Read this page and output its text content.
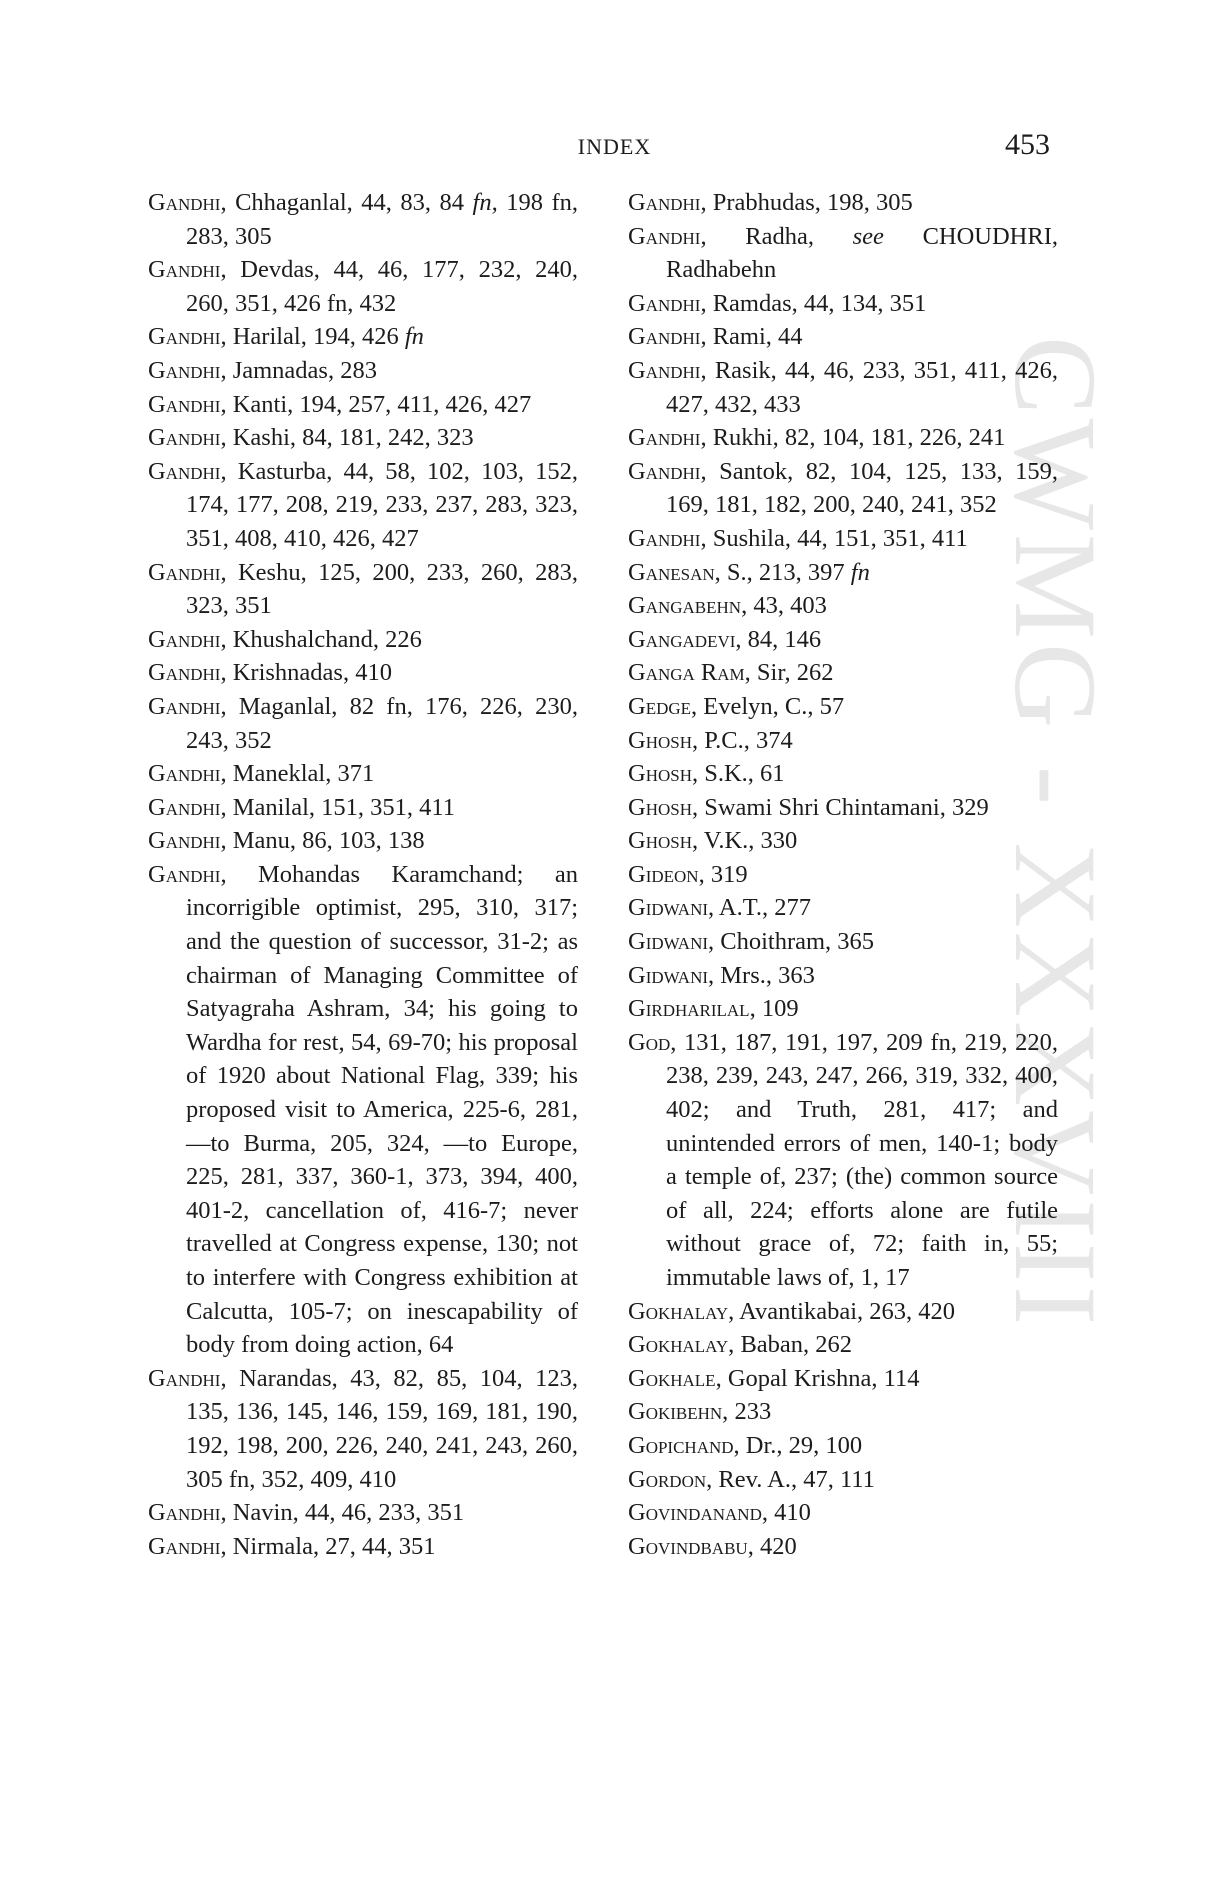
INDEX	453
CWMG - XXXVIII
Gandhi, Chhaganlal, 44, 83, 84 fn, 198 fn, 283, 305
Gandhi, Devdas, 44, 46, 177, 232, 240, 260, 351, 426 fn, 432
Gandhi, Harilal, 194, 426 fn
Gandhi, Jamnadas, 283
Gandhi, Kanti, 194, 257, 411, 426, 427
Gandhi, Kashi, 84, 181, 242, 323
Gandhi, Kasturba, 44, 58, 102, 103, 152, 174, 177, 208, 219, 233, 237, 283, 323, 351, 408, 410, 426, 427
Gandhi, Keshu, 125, 200, 233, 260, 283, 323, 351
Gandhi, Khushalchand, 226
Gandhi, Krishnadas, 410
Gandhi, Maganlal, 82 fn, 176, 226, 230, 243, 352
Gandhi, Maneklal, 371
Gandhi, Manilal, 151, 351, 411
Gandhi, Manu, 86, 103, 138
Gandhi, Mohandas Karamchand; an incorrigible optimist, 295, 310, 317; and the question of successor, 31-2; as chairman of Managing Committee of Satyagraha Ashram, 34; his going to Wardha for rest, 54, 69-70; his proposal of 1920 about National Flag, 339; his proposed visit to America, 225-6, 281, —to Burma, 205, 324, —to Europe, 225, 281, 337, 360-1, 373, 394, 400, 401-2, cancellation of, 416-7; never travelled at Congress expense, 130; not to interfere with Congress exhibition at Calcutta, 105-7; on inescapability of body from doing action, 64
Gandhi, Narandas, 43, 82, 85, 104, 123, 135, 136, 145, 146, 159, 169, 181, 190, 192, 198, 200, 226, 240, 241, 243, 260, 305 fn, 352, 409, 410
Gandhi, Navin, 44, 46, 233, 351
Gandhi, Nirmala, 27, 44, 351
Gandhi, Prabhudas, 198, 305
Gandhi, Radha, see CHOUDHRI, Radhabehn
Gandhi, Ramdas, 44, 134, 351
Gandhi, Rami, 44
Gandhi, Rasik, 44, 46, 233, 351, 411, 426, 427, 432, 433
Gandhi, Rukhi, 82, 104, 181, 226, 241
Gandhi, Santok, 82, 104, 125, 133, 159, 169, 181, 182, 200, 240, 241, 352
Gandhi, Sushila, 44, 151, 351, 411
Ganesan, S., 213, 397 fn
Gangabehn, 43, 403
Gangadevi, 84, 146
Ganga Ram, Sir, 262
Gedge, Evelyn, C., 57
Ghosh, P.C., 374
Ghosh, S.K., 61
Ghosh, Swami Shri Chintamani, 329
Ghosh, V.K., 330
Gideon, 319
Gidwani, A.T., 277
Gidwani, Choithram, 365
Gidwani, Mrs., 363
Girdharilal, 109
God, 131, 187, 191, 197, 209 fn, 219, 220, 238, 239, 243, 247, 266, 319, 332, 400, 402; and Truth, 281, 417; and unintended errors of men, 140-1; body a temple of, 237; (the) common source of all, 224; efforts alone are futile without grace of, 72; faith in, 55; immutable laws of, 1, 17
Gokhalay, Avantikabai, 263, 420
Gokhalay, Baban, 262
Gokhale, Gopal Krishna, 114
Gokibehn, 233
Gopichand, Dr., 29, 100
Gordon, Rev. A., 47, 111
Govindanand, 410
Govindbabu, 420
